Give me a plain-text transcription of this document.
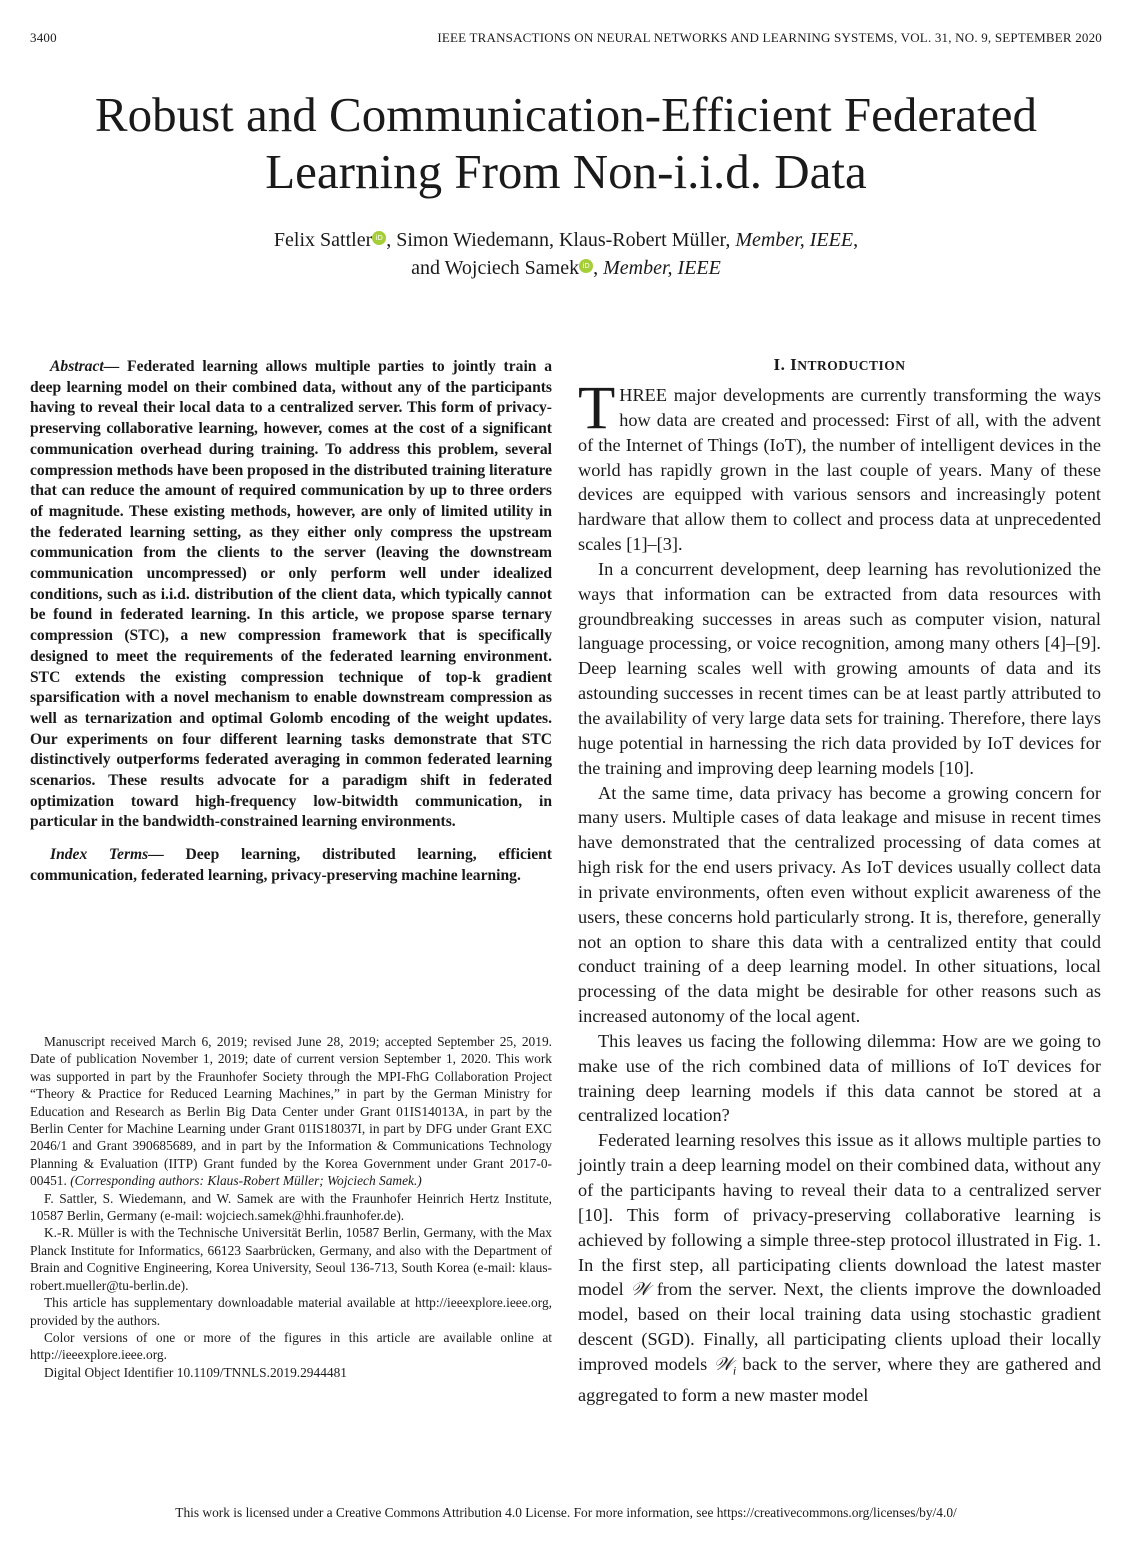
3400	IEEE TRANSACTIONS ON NEURAL NETWORKS AND LEARNING SYSTEMS, VOL. 31, NO. 9, SEPTEMBER 2020
Robust and Communication-Efficient Federated
Learning From Non-i.i.d. Data
Felix Sattler iD , Simon Wiedemann, Klaus-Robert Müller, Member, IEEE,
and Wojciech Samek iD , Member, IEEE

Abstract— Federated learning allows multiple parties to jointly train a deep learning model on their combined data, without any of the participants having to reveal their local data to a centralized server. This form of privacy-preserving collaborative learning, however, comes at the cost of a significant communication overhead during training. To address this problem, several compression methods have been proposed in the distributed training literature that can reduce the amount of required communication by up to three orders of magnitude. These existing methods, however, are only of limited utility in the federated learning setting, as they either only compress the upstream communication from the clients to the server (leaving the downstream communication uncompressed) or only perform well under idealized conditions, such as i.i.d. distribution of the client data, which typically cannot be found in federated learning. In this article, we propose sparse ternary compression (STC), a new compression framework that is specifically designed to meet the requirements of the federated learning environment. STC extends the existing compression technique of top-k gradient sparsification with a novel mechanism to enable downstream compression as well as ternarization and optimal Golomb encoding of the weight updates. Our experiments on four different learning tasks demonstrate that STC distinctively outperforms federated averaging in common federated learning scenarios. These results advocate for a paradigm shift in federated optimization toward high-frequency low-bitwidth communication, in particular in the bandwidth-constrained learning environments.

Index Terms— Deep learning, distributed learning, efficient communication, federated learning, privacy-preserving machine learning.

Manuscript received March 6, 2019; revised June 28, 2019; accepted September 25, 2019. Date of publication November 1, 2019; date of current version September 1, 2020. This work was supported in part by the Fraunhofer Society through the MPI-FhG Collaboration Project “Theory & Practice for Reduced Learning Machines,” in part by the German Ministry for Education and Research as Berlin Big Data Center under Grant 01IS14013A, in part by the Berlin Center for Machine Learning under Grant 01IS18037I, in part by DFG under Grant EXC 2046/1 and Grant 390685689, and in part by the Information & Communications Technology Planning & Evaluation (IITP) Grant funded by the Korea Government under Grant 2017-0-00451. (Corresponding authors: Klaus-Robert Müller; Wojciech Samek.)

F. Sattler, S. Wiedemann, and W. Samek are with the Fraunhofer Heinrich Hertz Institute, 10587 Berlin, Germany (e-mail: wojciech.samek@hhi.fraunhofer.de).

K.-R. Müller is with the Technische Universität Berlin, 10587 Berlin, Germany, with the Max Planck Institute for Informatics, 66123 Saarbrücken, Germany, and also with the Department of Brain and Cognitive Engineering, Korea University, Seoul 136-713, South Korea (e-mail: klaus-robert.mueller@tu-berlin.de).

This article has supplementary downloadable material available at http://ieeexplore.ieee.org, provided by the authors.

Color versions of one or more of the figures in this article are available online at http://ieeexplore.ieee.org.

Digital Object Identifier 10.1109/TNNLS.2019.2944481

I. INTRODUCTION

THREE major developments are currently transforming the ways how data are created and processed: First of all, with the advent of the Internet of Things (IoT), the number of intelligent devices in the world has rapidly grown in the last couple of years. Many of these devices are equipped with various sensors and increasingly potent hardware that allow them to collect and process data at unprecedented scales [1]–[3].

In a concurrent development, deep learning has revolutionized the ways that information can be extracted from data resources with groundbreaking successes in areas such as computer vision, natural language processing, or voice recognition, among many others [4]–[9]. Deep learning scales well with growing amounts of data and its astounding successes in recent times can be at least partly attributed to the availability of very large data sets for training. Therefore, there lays huge potential in harnessing the rich data provided by IoT devices for the training and improving deep learning models [10].

At the same time, data privacy has become a growing concern for many users. Multiple cases of data leakage and misuse in recent times have demonstrated that the centralized processing of data comes at high risk for the end users privacy. As IoT devices usually collect data in private environments, often even without explicit awareness of the users, these concerns hold particularly strong. It is, therefore, generally not an option to share this data with a centralized entity that could conduct training of a deep learning model. In other situations, local processing of the data might be desirable for other reasons such as increased autonomy of the local agent.

This leaves us facing the following dilemma: How are we going to make use of the rich combined data of millions of IoT devices for training deep learning models if this data cannot be stored at a centralized location?

Federated learning resolves this issue as it allows multiple parties to jointly train a deep learning model on their combined data, without any of the participants having to reveal their data to a centralized server [10]. This form of privacy-preserving collaborative learning is achieved by following a simple three-step protocol illustrated in Fig. 1. In the first step, all participating clients download the latest master model 𝒲 from the server. Next, the clients improve the downloaded model, based on their local training data using stochastic gradient descent (SGD). Finally, all participating clients upload their locally improved models 𝒲$_i$ back to the server, where they are gathered and aggregated to form a new master model

This work is licensed under a Creative Commons Attribution 4.0 License. For more information, see https://creativecommons.org/licenses/by/4.0/
